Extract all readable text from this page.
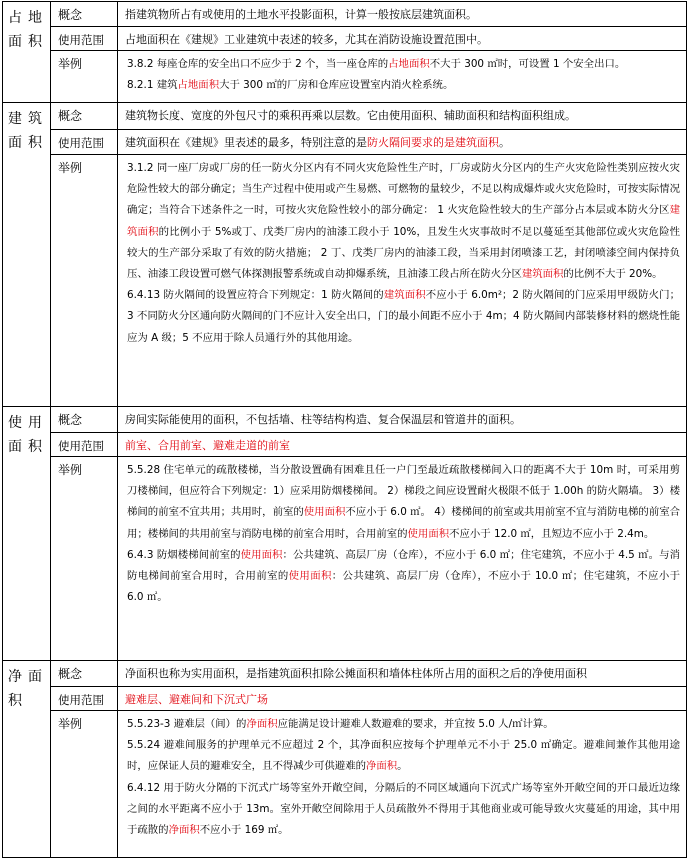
占地面积	概念	指建筑物所占有或使用的土地水平投影面积，计算一般按底层建筑面积。
	使用范围	占地面积在《建规》工业建筑中表述的较多，尤其在消防设施设置范围中。
	举例	3.8.2 每座仓库的安全出口不应少于 2 个，当一座仓库的占地面积不大于 300 ㎡时，可设置 1 个安全出口。
8.2.1 建筑占地面积大于 300 ㎡的厂房和仓库应设置室内消火栓系统。

建筑面积	概念	建筑物长度、宽度的外包尺寸的乘积再乘以层数。它由使用面积、辅助面积和结构面积组成。
	使用范围	建筑面积在《建规》里表述的最多，特别注意的是防火隔间要求的是建筑面积。
	举例	3.1.2 同一座厂房或厂房的任一防火分区内有不同火灾危险性生产时，厂房或防火分区内的生产火灾危险性类别应按火灾危险性较大的部分确定；当生产过程中使用或产生易燃、可燃物的量较少，不足以构成爆炸或火灾危险时，可按实际情况确定；当符合下述条件之一时，可按火灾危险性较小的部分确定： 1 火灾危险性较大的生产部分占本层或本防火分区建筑面积的比例小于 5%或丁、戊类厂房内的油漆工段小于 10%，且发生火灾事故时不足以蔓延至其他部位或火灾危险性较大的生产部分采取了有效的防火措施； 2 丁、戊类厂房内的油漆工段，当采用封闭喷漆工艺，封闭喷漆空间内保持负压、油漆工段设置可燃气体探测报警系统或自动抑爆系统，且油漆工段占所在防火分区建筑面积的比例不大于 20%。
6.4.13 防火隔间的设置应符合下列规定：1 防火隔间的建筑面积不应小于 6.0m²；2 防火隔间的门应采用甲级防火门；3 不同防火分区通向防火隔间的门不应计入安全出口，门的最小间距不应小于 4m；4 防火隔间内部装修材料的燃烧性能应为 A 级；5 不应用于除人员通行外的其他用途。

使用面积	概念	房间实际能使用的面积，不包括墙、柱等结构构造、复合保温层和管道井的面积。
	使用范围	前室、合用前室、避难走道的前室
	举例	5.5.28 住宅单元的疏散楼梯，当分散设置确有困难且任一户门至最近疏散楼梯间入口的距离不大于 10m 时，可采用剪刀楼梯间，但应符合下列规定：1）应采用防烟楼梯间。 2）梯段之间应设置耐火极限不低于 1.00h 的防火隔墙。 3）楼梯间的前室不宜共用；共用时，前室的使用面积不应小于 6.0 ㎡。 4）楼梯间的前室或共用前室不宜与消防电梯的前室合用；楼梯间的共用前室与消防电梯的前室合用时，合用前室的使用面积不应小于 12.0 ㎡，且短边不应小于 2.4m。
6.4.3 防烟楼梯间前室的使用面积：公共建筑、高层厂房（仓库），不应小于 6.0 ㎡；住宅建筑，不应小于 4.5 ㎡。与消防电梯间前室合用时，合用前室的使用面积：公共建筑、高层厂房（仓库），不应小于 10.0 ㎡；住宅建筑，不应小于 6.0 ㎡。

净面积	概念	净面积也称为实用面积，是指建筑面积扣除公摊面积和墙体柱体所占用的面积之后的净使用面积
	使用范围	避难层、避难间和下沉式广场
	举例	5.5.23-3 避难层（间）的净面积应能满足设计避难人数避难的要求，并宜按 5.0 人/㎡计算。
5.5.24 避难间服务的护理单元不应超过 2 个，其净面积应按每个护理单元不小于 25.0 ㎡确定。避难间兼作其他用途时，应保证人员的避难安全，且不得减少可供避难的净面积。
6.4.12 用于防火分隔的下沉式广场等室外开敞空间，分隔后的不同区域通向下沉式广场等室外开敞空间的开口最近边缘之间的水平距离不应小于 13m。室外开敞空间除用于人员疏散外不得用于其他商业或可能导致火灾蔓延的用途，其中用于疏散的净面积不应小于 169 ㎡。
